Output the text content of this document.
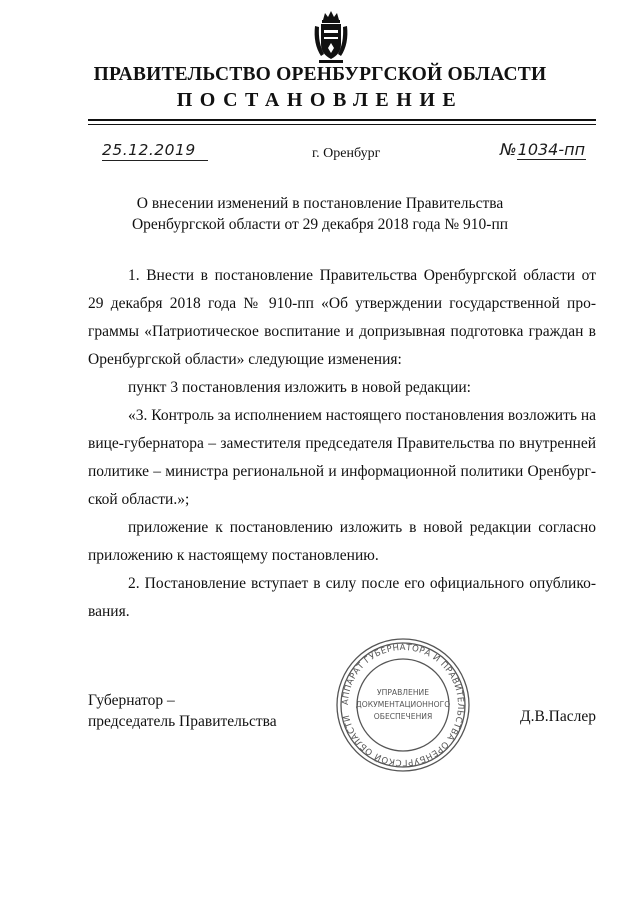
ПРАВИТЕЛЬСТВО ОРЕНБУРГСКОЙ ОБЛАСТИ
ПОСТАНОВЛЕНИЕ
25.12.2019	г. Оренбург	№1034-пп
О внесении изменений в постановление Правительства
Оренбургской области от 29 декабря 2018 года № 910-пп

1. Внести в постановление Правительства Оренбургской области от 29 декабря 2018 года № 910-пп «Об утверждении государственной программы «Патриотическое воспитание и допризывная подготовка граждан в Оренбургской области» следующие изменения:

пункт 3 постановления изложить в новой редакции:

«3. Контроль за исполнением настоящего постановления возложить на вице-губернатора – заместителя председателя Правительства по внутренней политике – министра региональной и информационной политики Оренбургской области.»;

приложение к постановлению изложить в новой редакции согласно приложению к настоящему постановлению.

2. Постановление вступает в силу после его официального опубликования.

Губернатор –
председатель Правительства	Д.В.Паслер
АППАРАТ ГУБЕРНАТОРА И ПРАВИТЕЛЬСТВА ОРЕНБУРГСКОЙ ОБЛАСТИ
УПРАВЛЕНИЕ
ДОКУМЕНТАЦИОННОГО
ОБЕСПЕЧЕНИЯ
